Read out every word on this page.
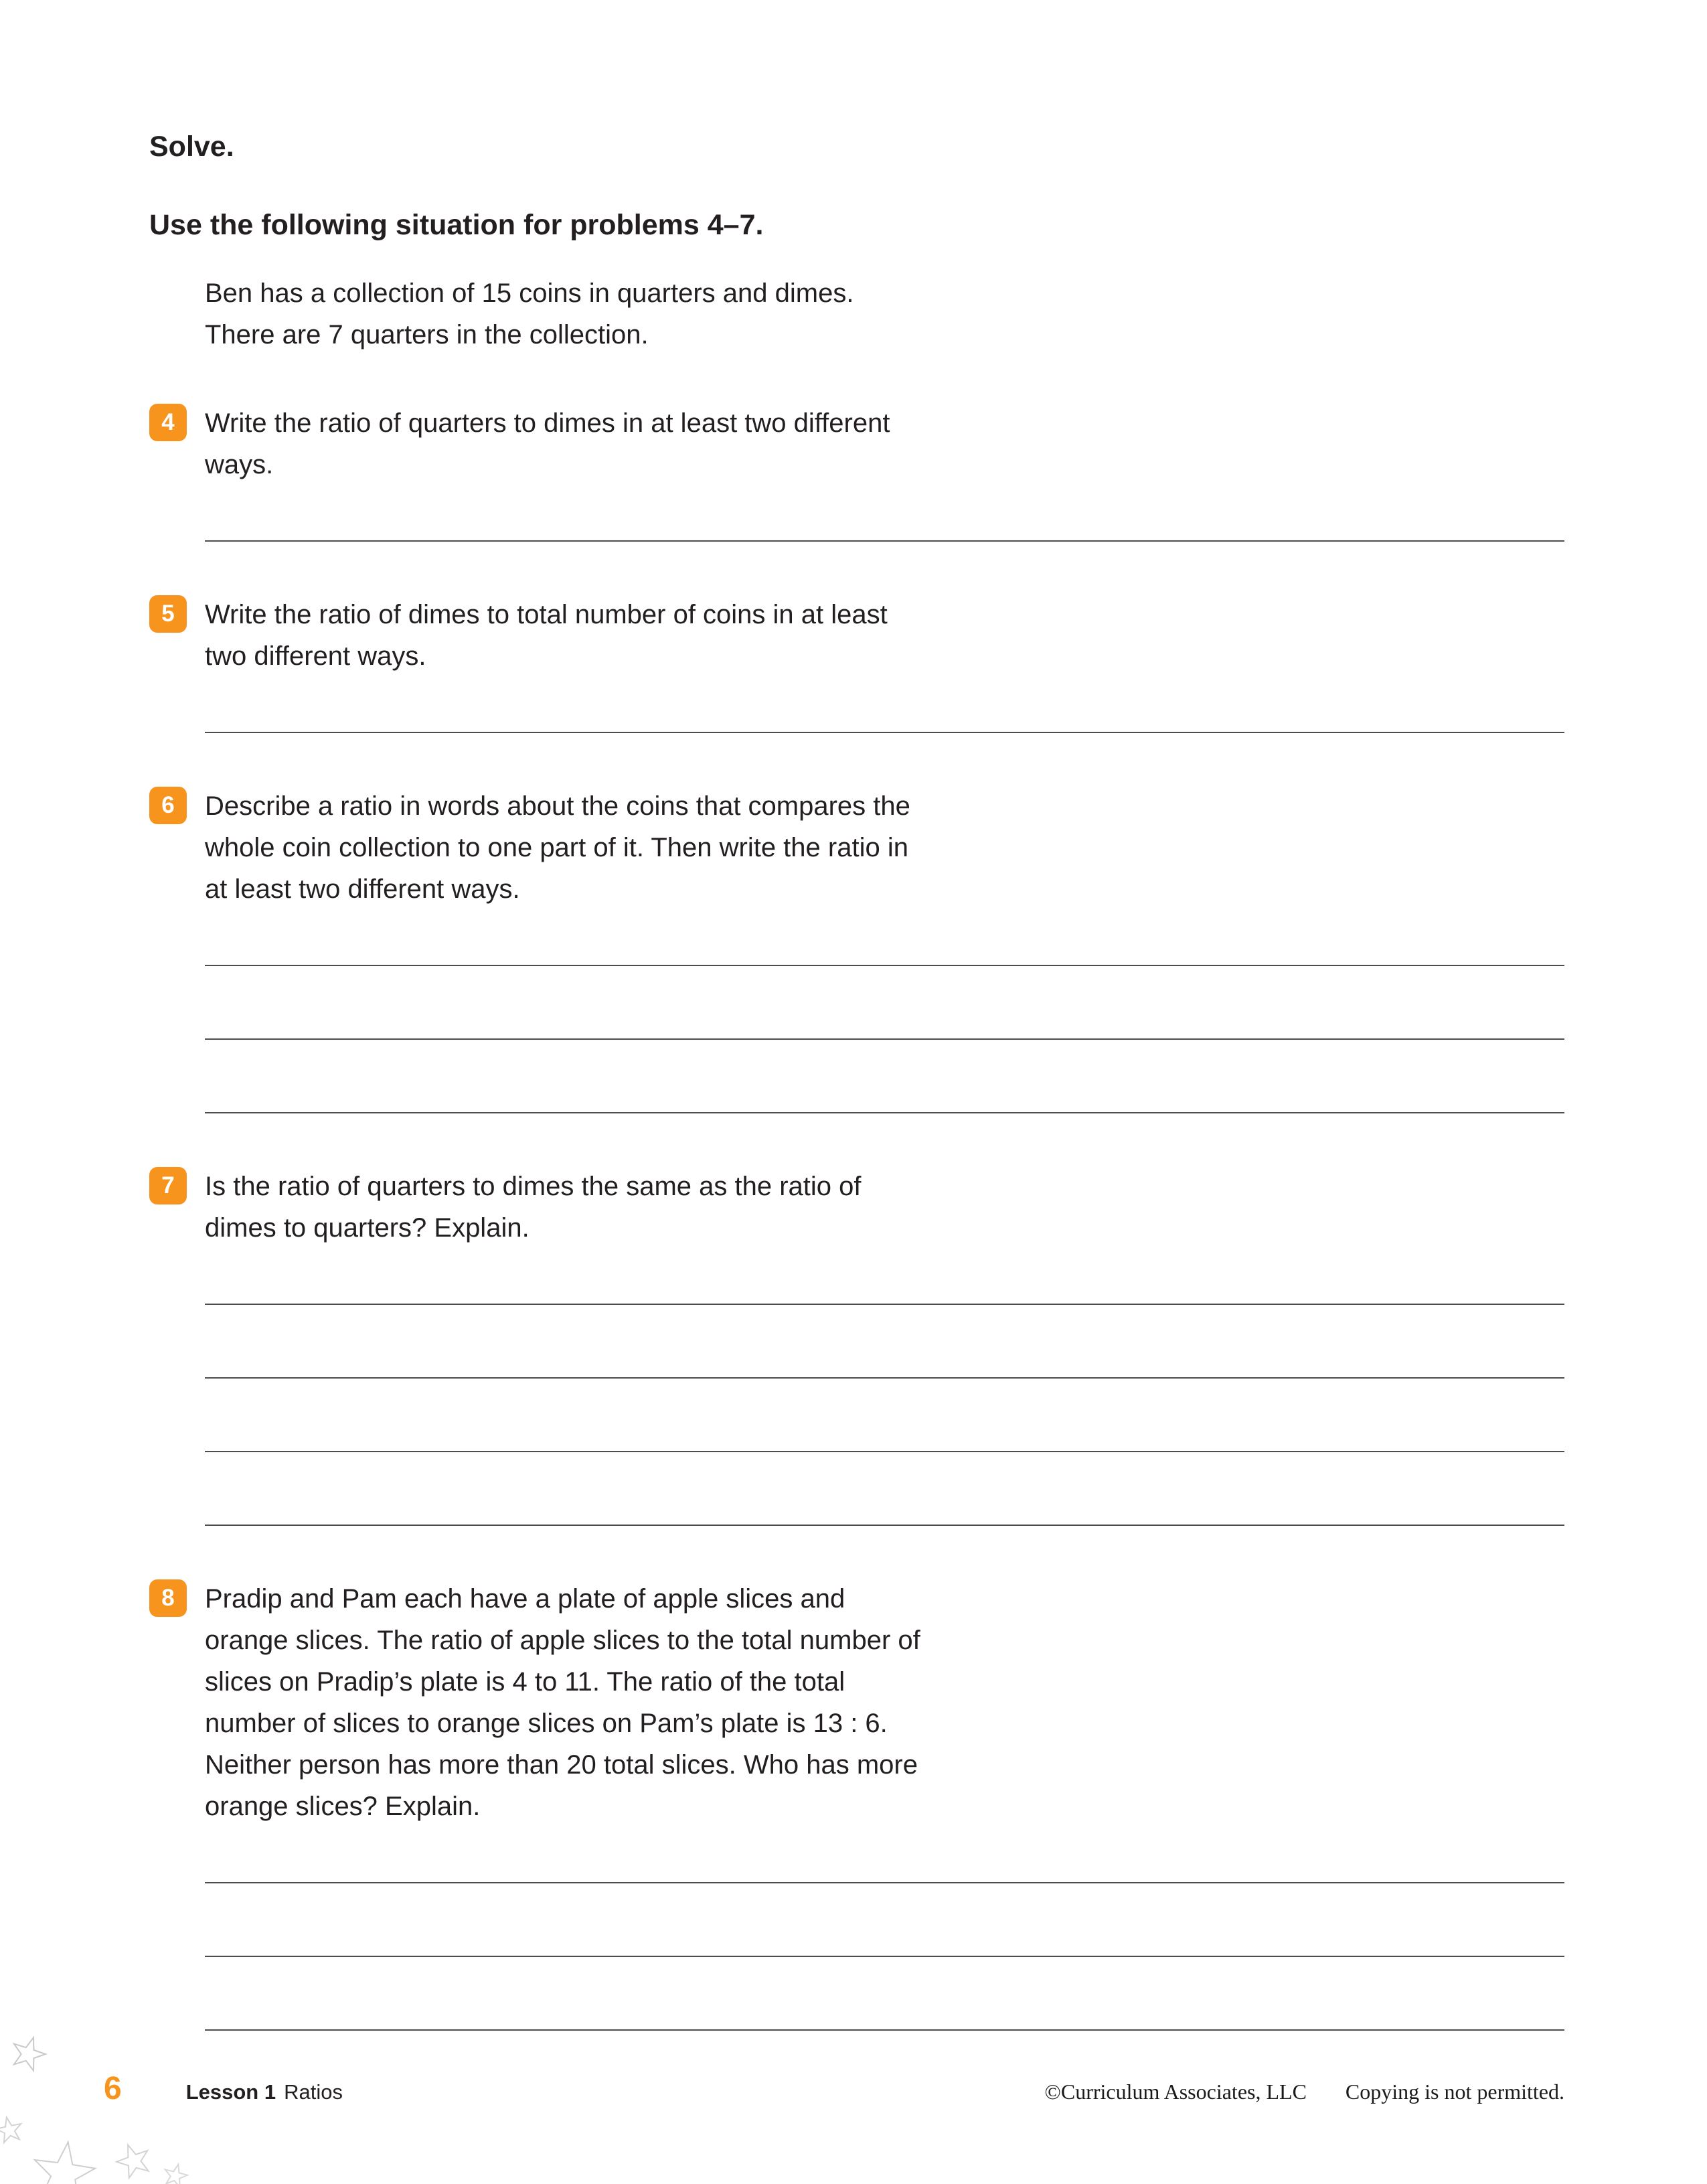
Solve.
Use the following situation for problems 4–7.
Ben has a collection of 15 coins in quarters and dimes.
There are 7 quarters in the collection.
4	Write the ratio of quarters to dimes in at least two different ways.
5	Write the ratio of dimes to total number of coins in at least two different ways.
6	Describe a ratio in words about the coins that compares the whole coin collection to one part of it. Then write the ratio in at least two different ways.
7	Is the ratio of quarters to dimes the same as the ratio of dimes to quarters? Explain.
8	Pradip and Pam each have a plate of apple slices and orange slices. The ratio of apple slices to the total number of slices on Pradip’s plate is 4 to 11. The ratio of the total number of slices to orange slices on Pam’s plate is 13 : 6. Neither person has more than 20 total slices. Who has more orange slices? Explain.
6	Lesson 1 Ratios	©Curriculum Associates, LLC Copying is not permitted.
